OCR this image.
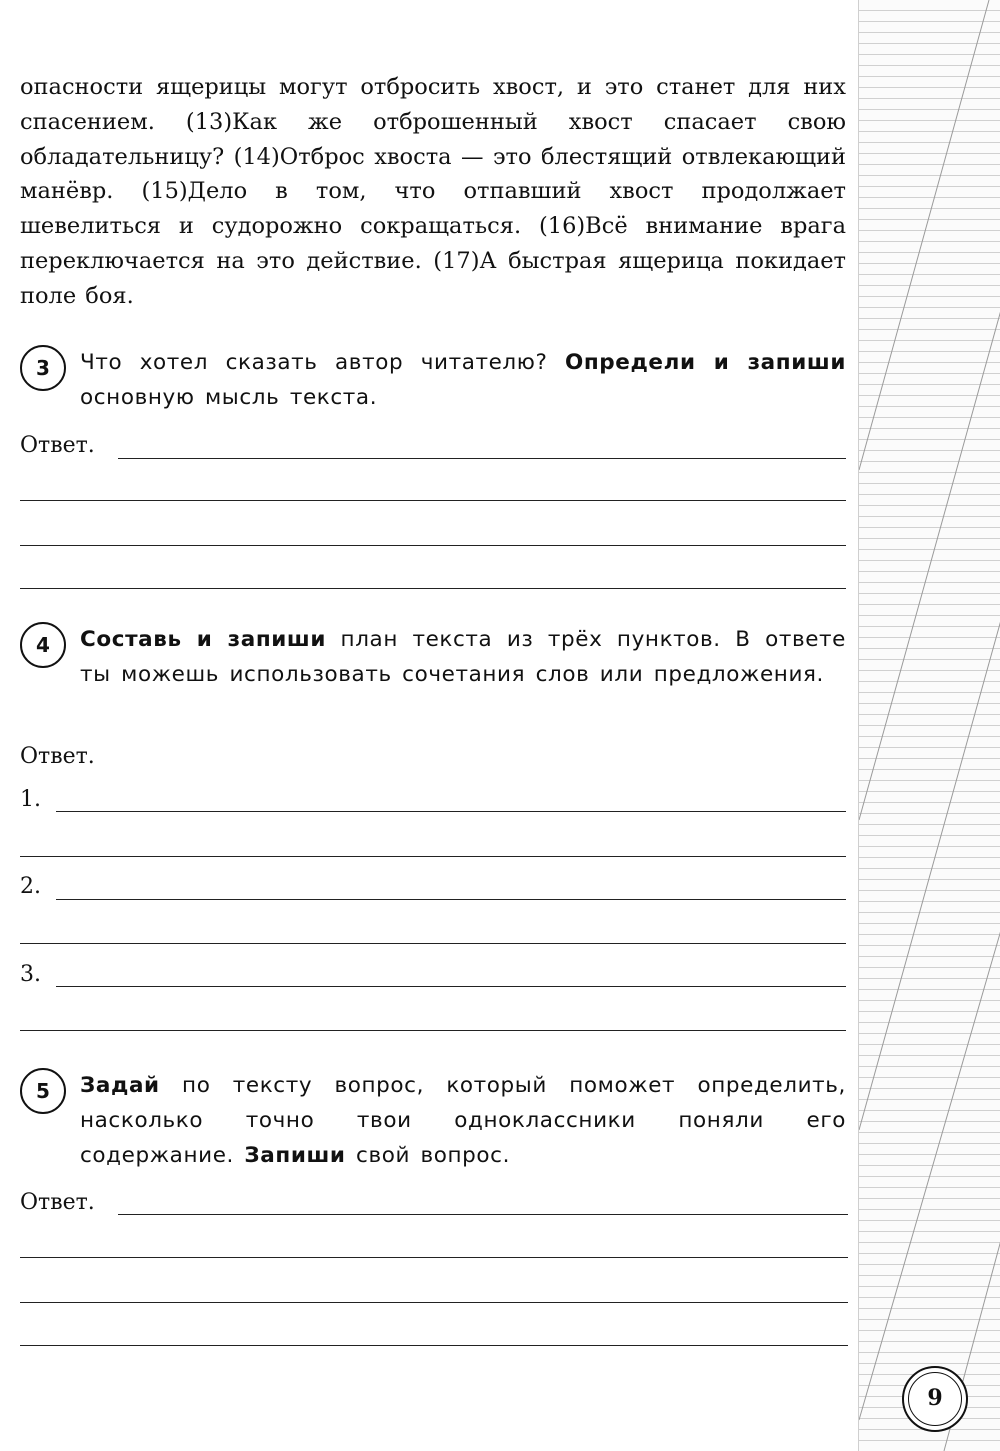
опасности ящерицы могут отбросить хвост, и это станет для них спасением. (13)Как же отброшенный хвост спасает свою обладательницу? (14)Отброс хвоста — это блестящий отвлекающий манёвр. (15)Дело в том, что отпавший хвост продолжает шевелиться и судорожно сокращаться. (16)Всё внимание врага переключается на это действие. (17)А быстрая ящерица покидает поле боя.

3	Что хотел сказать автор читателю? Определи и запиши основную мысль текста.

Ответ.
4	Составь и запиши план текста из трёх пунктов. В ответе ты можешь использовать сочетания слов или предложения.

Ответ.
1.
2.
3.
5	Задай по тексту вопрос, который поможет определить, насколько точно твои одноклассники поняли его содержание. Запиши свой вопрос.

Ответ.
9
